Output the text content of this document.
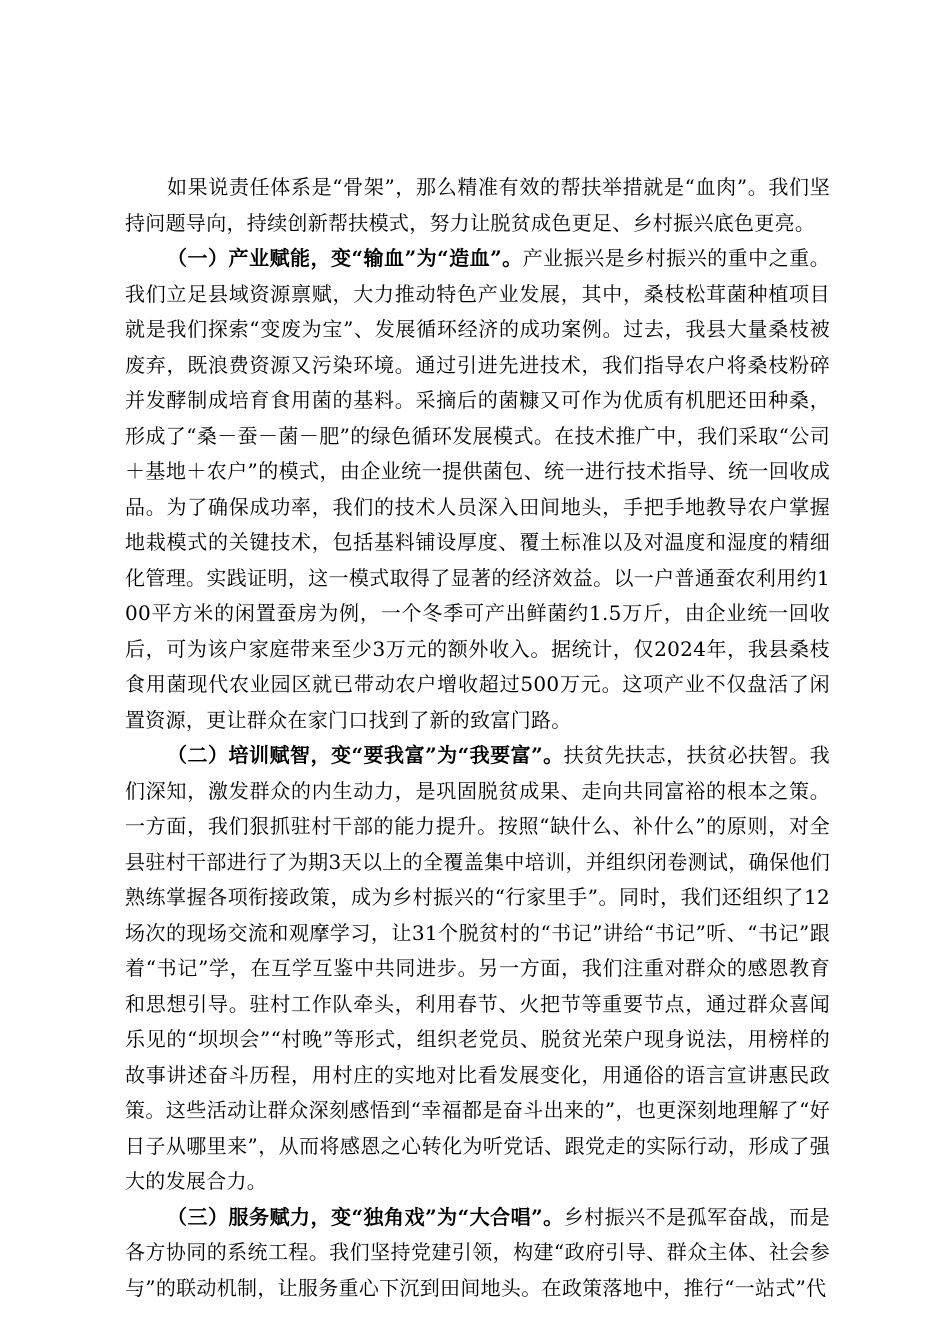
如果说责任体系是“骨架”，那么精准有效的帮扶举措就是“血肉”。我们坚持问题导向，持续创新帮扶模式，努力让脱贫成色更足、乡村振兴底色更亮。

（一）产业赋能，变“输血”为“造血”。产业振兴是乡村振兴的重中之重。我们立足县域资源禀赋，大力推动特色产业发展，其中，桑枝松茸菌种植项目就是我们探索“变废为宝”、发展循环经济的成功案例。过去，我县大量桑枝被废弃，既浪费资源又污染环境。通过引进先进技术，我们指导农户将桑枝粉碎并发酵制成培育食用菌的基料。采摘后的菌糠又可作为优质有机肥还田种桑，形成了“桑－蚕－菌－肥”的绿色循环发展模式。在技术推广中，我们采取“公司＋基地＋农户”的模式，由企业统一提供菌包、统一进行技术指导、统一回收成品。为了确保成功率，我们的技术人员深入田间地头，手把手地教导农户掌握地栽模式的关键技术，包括基料铺设厚度、覆土标准以及对温度和湿度的精细化管理。实践证明，这一模式取得了显著的经济效益。以一户普通蚕农利用约100平方米的闲置蚕房为例，一个冬季可产出鲜菌约1.5万斤，由企业统一回收后，可为该户家庭带来至少3万元的额外收入。据统计，仅2024年，我县桑枝食用菌现代农业园区就已带动农户增收超过500万元。这项产业不仅盘活了闲置资源，更让群众在家门口找到了新的致富门路。

（二）培训赋智，变“要我富”为“我要富”。扶贫先扶志，扶贫必扶智。我们深知，激发群众的内生动力，是巩固脱贫成果、走向共同富裕的根本之策。一方面，我们狠抓驻村干部的能力提升。按照“缺什么、补什么”的原则，对全县驻村干部进行了为期3天以上的全覆盖集中培训，并组织闭卷测试，确保他们熟练掌握各项衔接政策，成为乡村振兴的“行家里手”。同时，我们还组织了12场次的现场交流和观摩学习，让31个脱贫村的“书记”讲给“书记”听、“书记”跟着“书记”学，在互学互鉴中共同进步。另一方面，我们注重对群众的感恩教育和思想引导。驻村工作队牵头，利用春节、火把节等重要节点，通过群众喜闻乐见的“坝坝会”“村晚”等形式，组织老党员、脱贫光荣户现身说法，用榜样的故事讲述奋斗历程，用村庄的实地对比看发展变化，用通俗的语言宣讲惠民政策。这些活动让群众深刻感悟到“幸福都是奋斗出来的”，也更深刻地理解了“好日子从哪里来”，从而将感恩之心转化为听党话、跟党走的实际行动，形成了强大的发展合力。

（三）服务赋力，变“独角戏”为“大合唱”。乡村振兴不是孤军奋战，而是各方协同的系统工程。我们坚持党建引领，构建“政府引导、群众主体、社会参与”的联动机制，让服务重心下沉到田间地头。在政策落地中，推行“一站式”代
